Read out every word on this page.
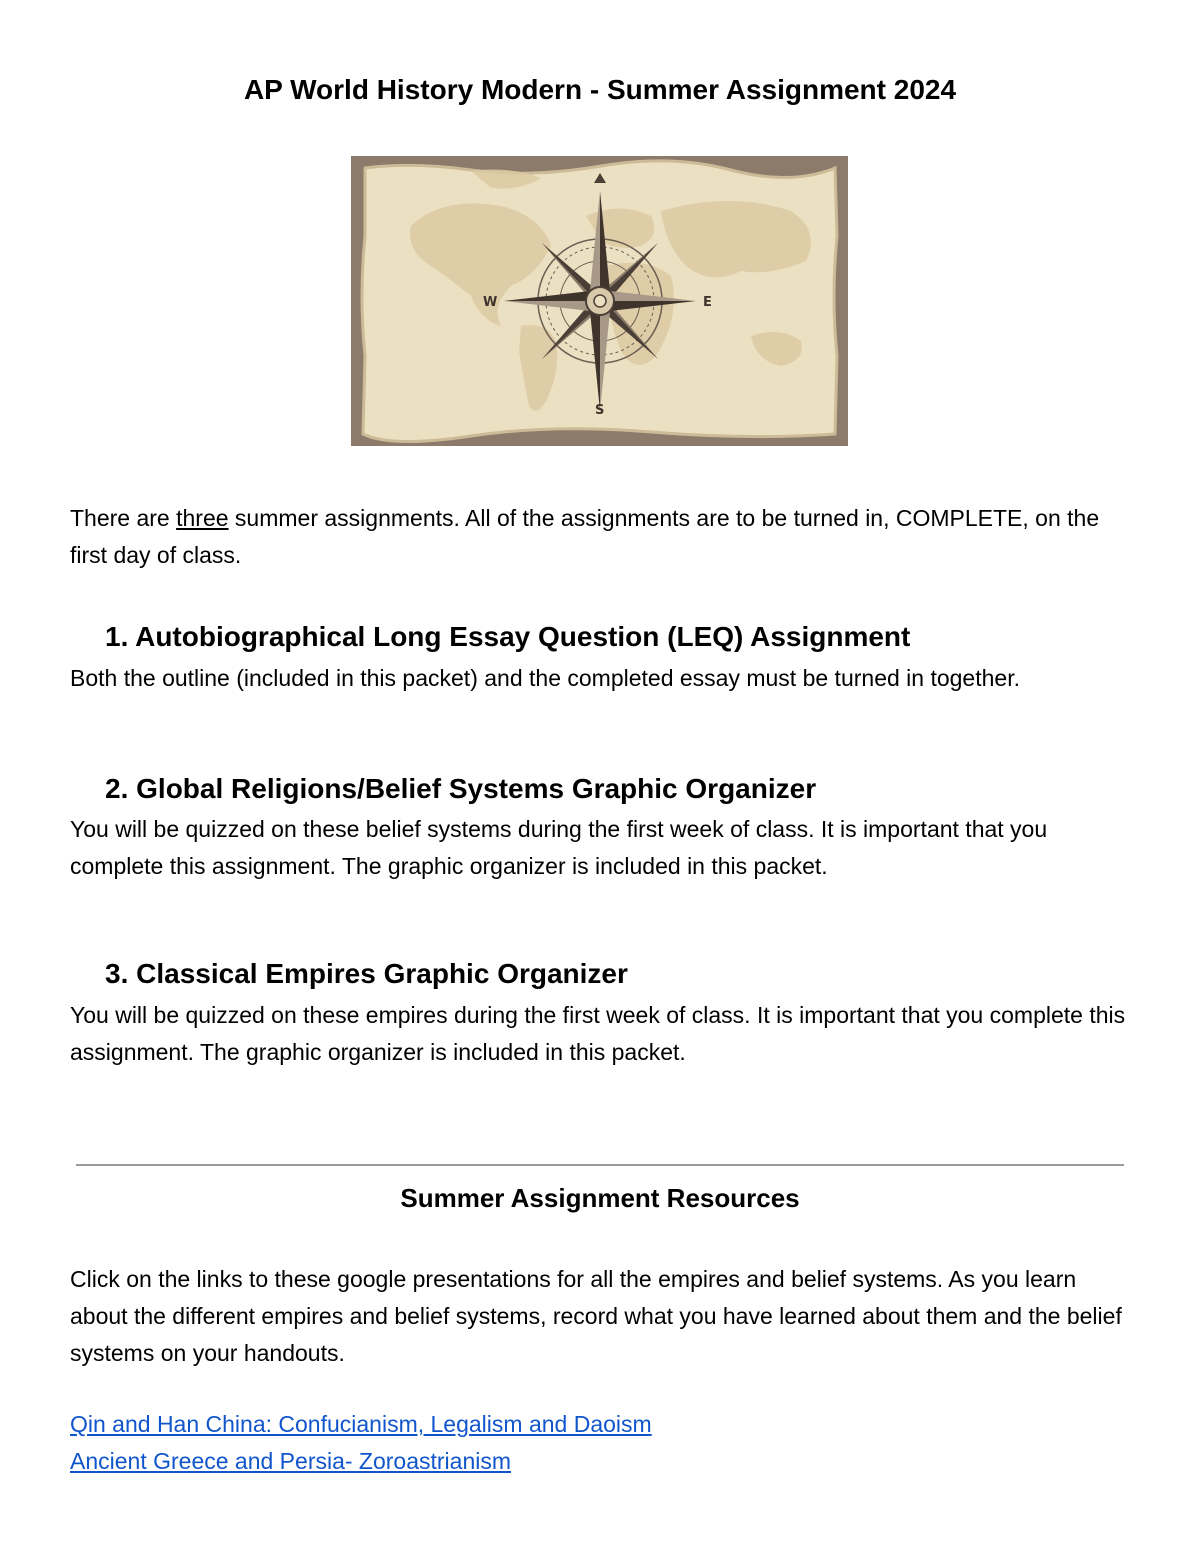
AP World History Modern - Summer Assignment 2024
W	E
S
There are three summer assignments. All of the assignments are to be turned in, COMPLETE, on the first day of class.
1. Autobiographical Long Essay Question (LEQ) Assignment
Both the outline (included in this packet) and the completed essay must be turned in together.
2. Global Religions/Belief Systems Graphic Organizer
You will be quizzed on these belief systems during the first week of class. It is important that you complete this assignment. The graphic organizer is included in this packet.
3. Classical Empires Graphic Organizer
You will be quizzed on these empires during the first week of class. It is important that you complete this assignment. The graphic organizer is included in this packet.
Summer Assignment Resources
Click on the links to these google presentations for all the empires and belief systems. As you learn about the different empires and belief systems, record what you have learned about them and the belief systems on your handouts.
Qin and Han China: Confucianism, Legalism and Daoism
Ancient Greece and Persia- Zoroastrianism
